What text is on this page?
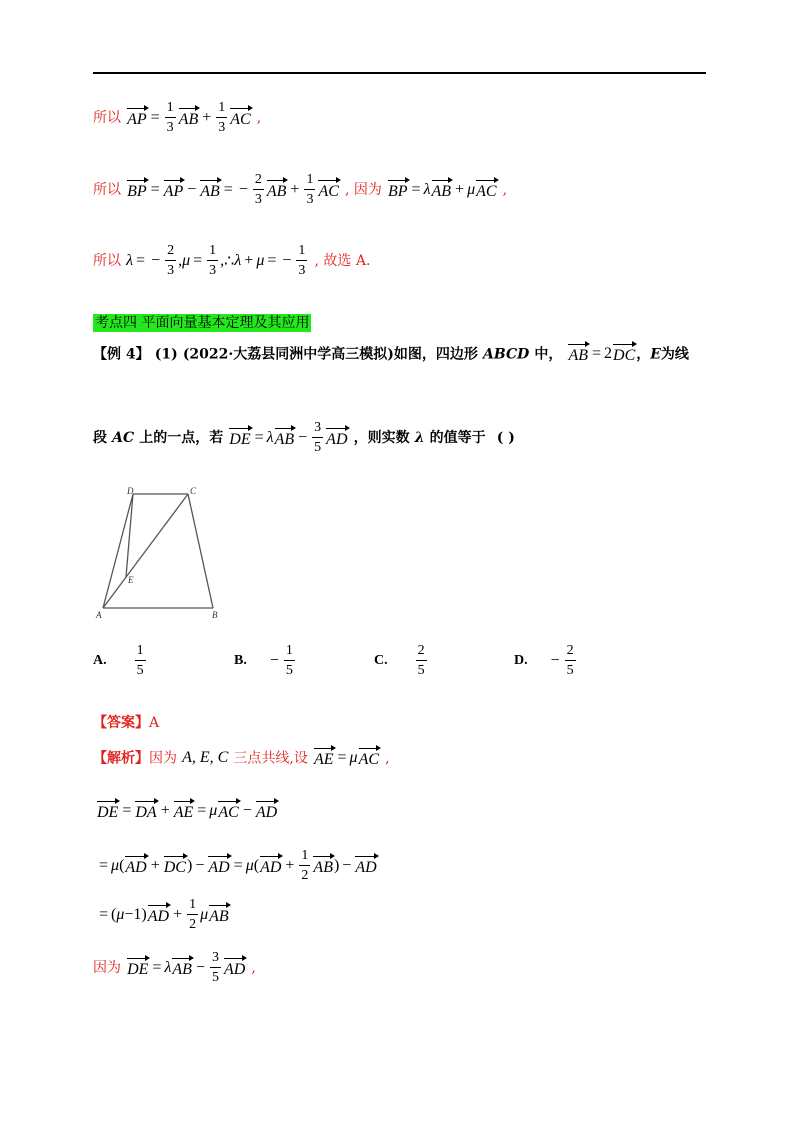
所以 AP = $\frac{1}{3}$ AB + $\frac{1}{3}$ AC ,
所以 BP = AP − AB = − $\frac{2}{3}$ AB + $\frac{1}{3}$ AC , 因为 BP = λ AB + μ AC ,
所以 λ = − $\frac{2}{3} ,\mu = \frac{1}{3}$ , ∴ λ + μ = − $\frac{1}{3}$ , 故选 A.
考点四 平面向量基本定理及其应用
【例 4】 (1) (2022·大荔县同洲中学高三模拟)如图，四边形 ABCD 中， AB = 2 DC ，E为线
段 AC 上的一点，若 DE = λ AB − $\frac{3}{5}$ AD ，则实数 λ 的值等于 ( )
D	C
E
A	B
A. $\frac{1}{5}$	B. − $\frac{1}{5}$	C. $\frac{2}{5}$	D. − $\frac{2}{5}$
【答案】A
【解析】因为 A, E, C 三点共线,设 AE = μ AC ,
DE = DA + AE = μ AC − AD
= μ ( AD + DC ) − AD = μ ( AD + $\frac{1}{2}$ AB ) − AD
= ( μ −1) AD + $\frac{1}{2}$ μ AB
因为 DE = λ AB − $\frac{3}{5}$ AD ,
